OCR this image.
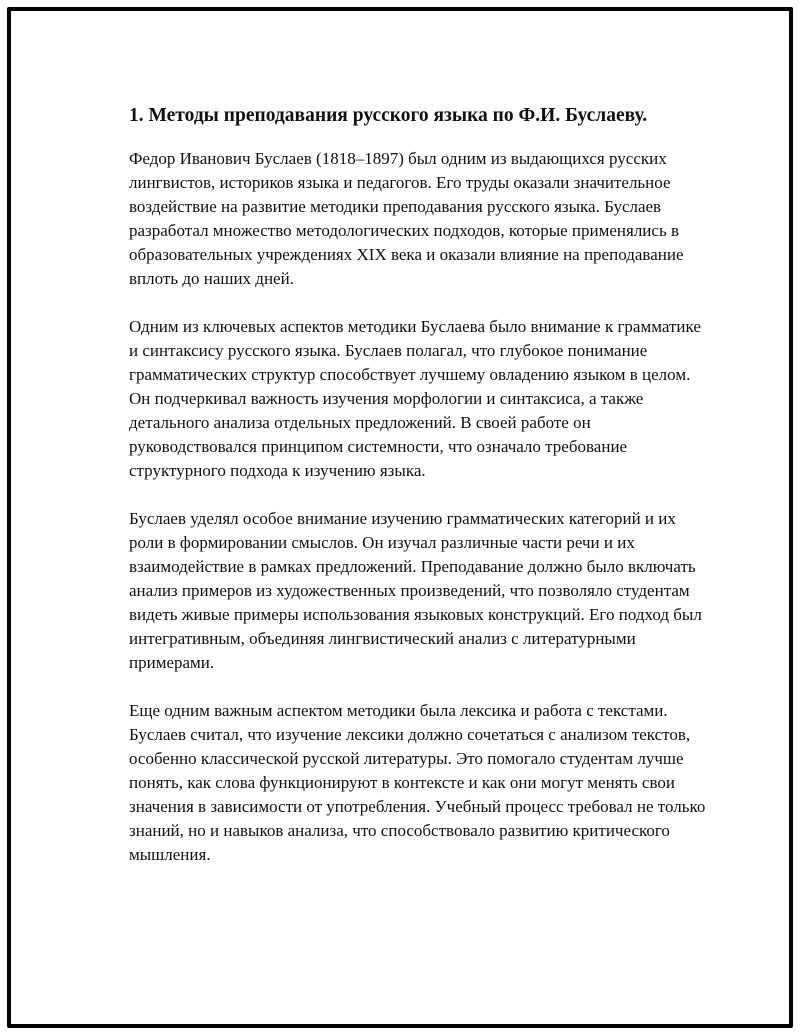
1. Методы преподавания русского языка по Ф.И. Буслаеву.

Федор Иванович Буслаев (1818–1897) был одним из выдающихся русских лингвистов, историков языка и педагогов. Его труды оказали значительное воздействие на развитие методики преподавания русского языка. Буслаев разработал множество методологических подходов, которые применялись в образовательных учреждениях XIX века и оказали влияние на преподавание вплоть до наших дней.

Одним из ключевых аспектов методики Буслаева было внимание к грамматике и синтаксису русского языка. Буслаев полагал, что глубокое понимание грамматических структур способствует лучшему овладению языком в целом. Он подчеркивал важность изучения морфологии и синтаксиса, а также детального анализа отдельных предложений. В своей работе он руководствовался принципом системности, что означало требование структурного подхода к изучению языка.

Буслаев уделял особое внимание изучению грамматических категорий и их роли в формировании смыслов. Он изучал различные части речи и их взаимодействие в рамках предложений. Преподавание должно было включать анализ примеров из художественных произведений, что позволяло студентам видеть живые примеры использования языковых конструкций. Его подход был интегративным, объединяя лингвистический анализ с литературными примерами.

Еще одним важным аспектом методики была лексика и работа с текстами. Буслаев считал, что изучение лексики должно сочетаться с анализом текстов, особенно классической русской литературы. Это помогало студентам лучше понять, как слова функционируют в контексте и как они могут менять свои значения в зависимости от употребления. Учебный процесс требовал не только знаний, но и навыков анализа, что способствовало развитию критического мышления.
